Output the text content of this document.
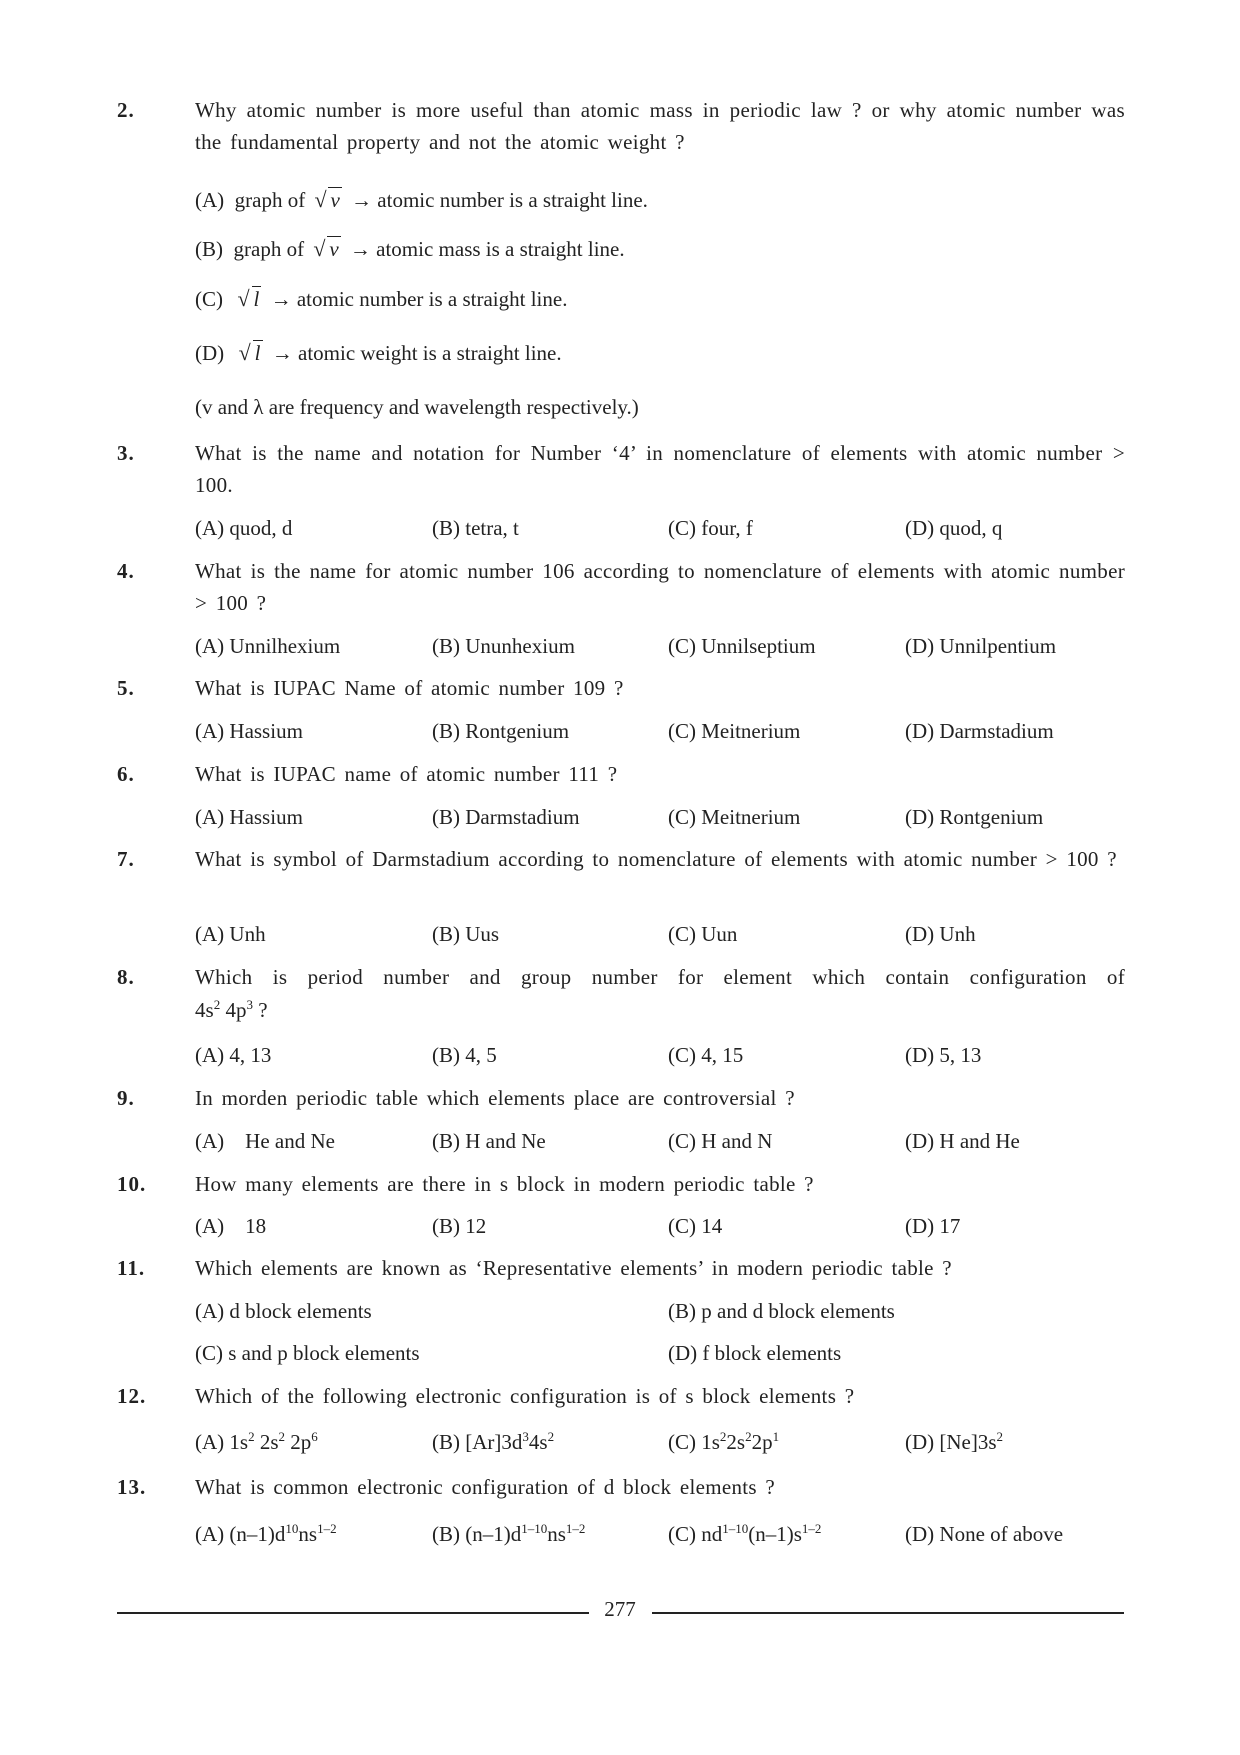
2.	Why atomic number is more useful than atomic mass in periodic law ? or why atomic number was the fundamental property and not the atomic weight ?
(A) graph of √ v → atomic number is a straight line.
(B) graph of √ v → atomic mass is a straight line.
(C) √ l → atomic number is a straight line.
(D) √ l → atomic weight is a straight line.
(v and λ are frequency and wavelength respectively.)
3.	What is the name and notation for Number ‘4’ in nomenclature of elements with atomic number > 100.
(A) quod, d	(B) tetra, t	(C) four, f	(D) quod, q
4.	What is the name for atomic number 106 according to nomenclature of elements with atomic number > 100 ?
(A) Unnilhexium	(B) Ununhexium	(C) Unnilseptium	(D) Unnilpentium
5.	What is IUPAC Name of atomic number 109 ?
(A) Hassium	(B) Rontgenium	(C) Meitnerium	(D) Darmstadium
6.	What is IUPAC name of atomic number 111 ?
(A) Hassium	(B) Darmstadium	(C) Meitnerium	(D) Rontgenium
7.	What is symbol of Darmstadium according to nomenclature of elements with atomic number > 100 ?
(A) Unh	(B) Uus	(C) Uun	(D) Unh
8.	Which is period number and group number for element which contain configuration of
$4s^2$ $4p^3$ ?
(A) 4, 13	(B) 4, 5	(C) 4, 15	(D) 5, 13
9.	In morden periodic table which elements place are controversial ?
(A)    He and Ne	(B) H and Ne	(C) H and N	(D) H and He
10. How many elements are there in s block in modern periodic table ?
(A)    18	(B) 12	(C) 14	(D) 17
11. Which elements are known as ‘Representative elements’ in modern periodic table ?
(A) d block elements	(B) p and d block elements
(C) s and p block elements	(D) f block elements
12. Which of the following electronic configuration is of s block elements ?
(A) $1s^2$ $2s^2$ $2p^6$	(B) $[Ar]3d^34s^2$	(C) $1s^22s^22p^1$	(D) $[Ne]3s^2$
13. What is common electronic configuration of d block elements ?
(A) $(n-1)d^{10}ns^{1-2}$	(B) $(n-1)d^{1-10}ns^{1-2}$	(C) $nd^{1-10}(n-1)s^{1-2}$	(D) None of above
277
